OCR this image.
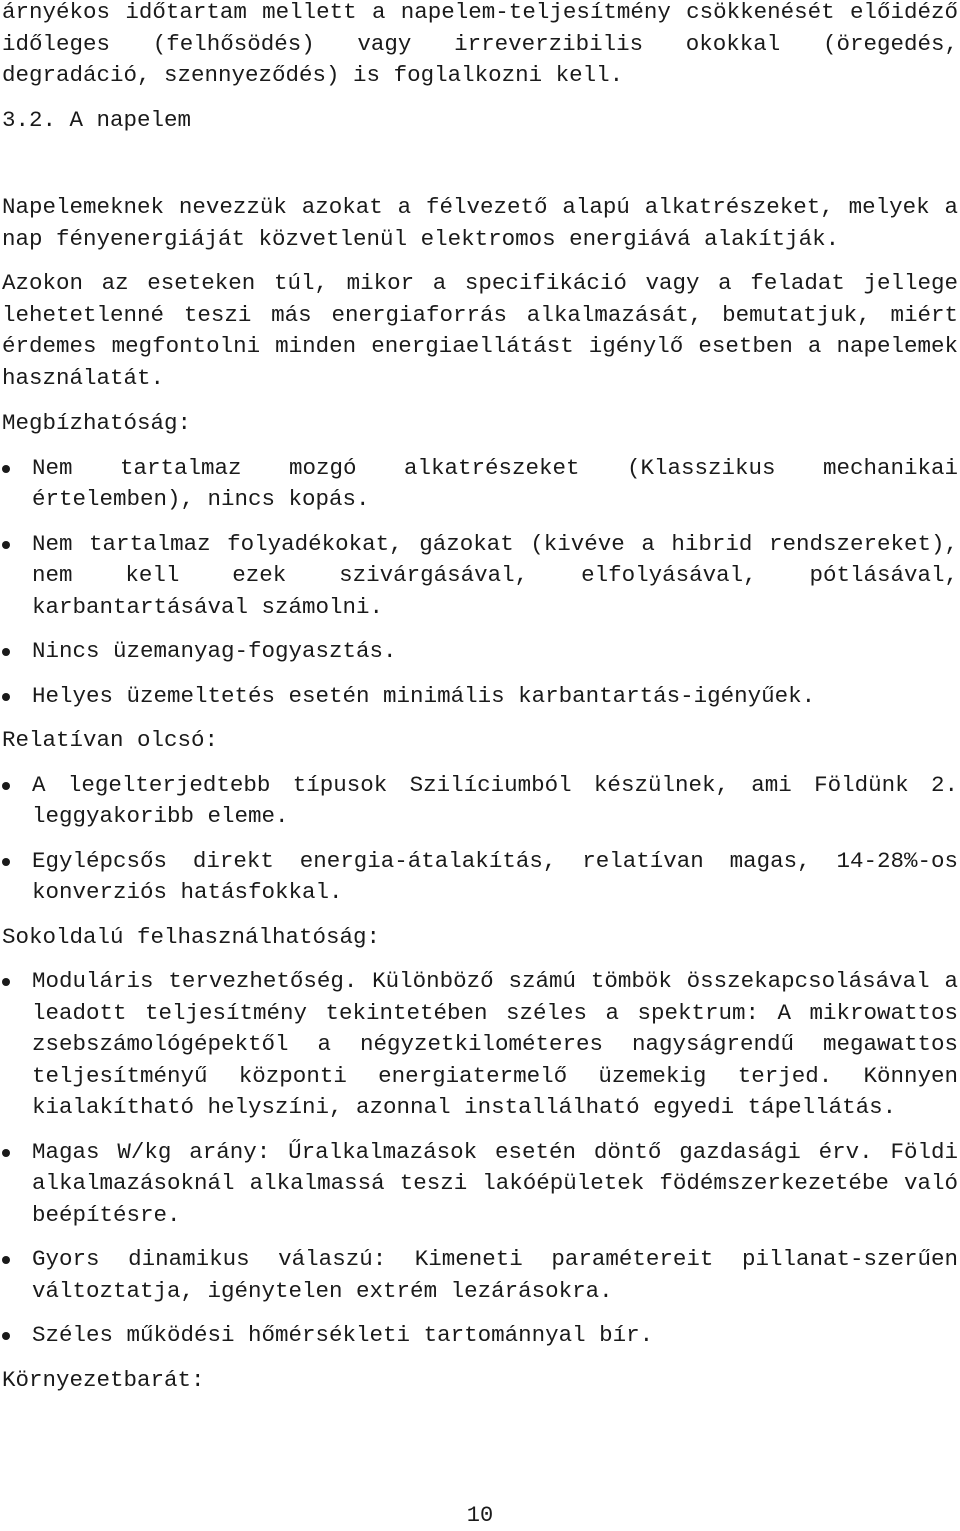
árnyékos időtartam mellett a napelem-teljesítmény csökkenését előidéző időleges (felhősödés) vagy irreverzibilis okokkal (öregedés, degradáció, szennyeződés) is foglalkozni kell.

3.2. A napelem

Napelemeknek nevezzük azokat a félvezető alapú alkatrészeket, melyek a nap fényenergiáját közvetlenül elektromos energiává alakítják.

Azokon az eseteken túl, mikor a specifikáció vagy a feladat jellege lehetetlenné teszi más energiaforrás alkalmazását, bemutatjuk, miért érdemes megfontolni minden energiaellátást igénylő esetben a napelemek használatát.

Megbízhatóság:

Nem tartalmaz mozgó alkatrészeket (Klasszikus mechanikai értelemben), nincs kopás.
Nem tartalmaz folyadékokat, gázokat (kivéve a hibrid rendszereket), nem kell ezek szivárgásával, elfolyásával, pótlásával, karbantartásával számolni.
Nincs üzemanyag-fogyasztás.
Helyes üzemeltetés esetén minimális karbantartás-igényűek.

Relatívan olcsó:

A legelterjedtebb típusok Szilíciumból készülnek, ami Földünk 2. leggyakoribb eleme.
Egylépcsős direkt energia-átalakítás, relatívan magas, 14-28%-os konverziós hatásfokkal.

Sokoldalú felhasználhatóság:

Moduláris tervezhetőség. Különböző számú tömbök összekapcsolásával a leadott teljesítmény tekintetében széles a spektrum: A mikrowattos zsebszámológépektől a négyzetkilométeres nagyságrendű megawattos teljesítményű központi energiatermelő üzemekig terjed. Könnyen kialakítható helyszíni, azonnal installálható egyedi tápellátás.
Magas W/kg arány: Űralkalmazások esetén döntő gazdasági érv. Földi alkalmazásoknál alkalmassá teszi lakóépületek födémszerkezetébe való beépítésre.
Gyors dinamikus válaszú: Kimeneti paramétereit pillanat-szerűen változtatja, igénytelen extrém lezárásokra.
Széles működési hőmérsékleti tartománnyal bír.

Környezetbarát:

10
